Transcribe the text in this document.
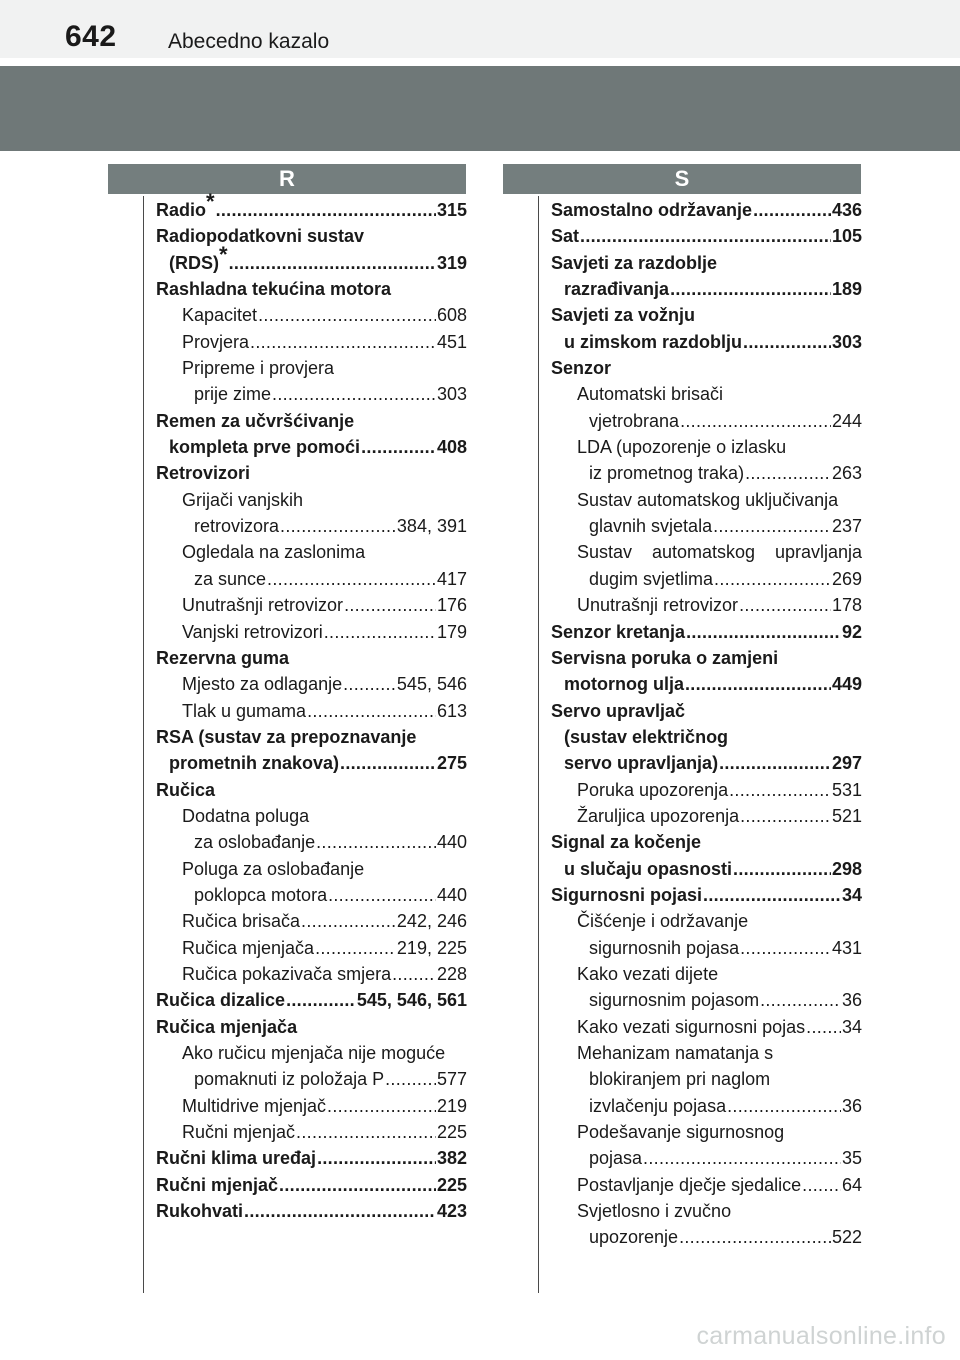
642 Abecedno kazalo
R	S
Radio* .....	315
Radiopodatkovni sustav
(RDS)* .....	319
Rashladna tekućina motora
Kapacitet .....	608
Provjera .....	451
Pripreme i provjera
prije zime .....	303
Remen za učvršćivanje
kompleta prve pomoći .....	408
Retrovizori
Grijači vanjskih
retrovizora .....	384, 391
Ogledala na zaslonima
za sunce .....	417
Unutrašnji retrovizor .....	176
Vanjski retrovizori .....	179
Rezervna guma
Mjesto za odlaganje .....	545, 546
Tlak u gumama .....	613
RSA (sustav za prepoznavanje
prometnih znakova) .....	275
Ručica
Dodatna poluga
za oslobađanje .....	440
Poluga za oslobađanje
poklopca motora .....	440
Ručica brisača .....	242, 246
Ručica mjenjača .....	219, 225
Ručica pokazivača smjera .....	228
Ručica dizalice .....	545, 546, 561
Ručica mjenjača
Ako ručicu mjenjača nije moguće
pomaknuti iz položaja P .....	577
Multidrive mjenjač .....	219
Ručni mjenjač .....	225
Ručni klima uređaj .....	382
Ručni mjenjač .....	225
Rukohvati .....	423
Samostalno održavanje .....	436
Sat .....	105
Savjeti za razdoblje
razrađivanja .....	189
Savjeti za vožnju
u zimskom razdoblju .....	303
Senzor
Automatski brisači
vjetrobrana .....	244
LDA (upozorenje o izlasku
iz prometnog traka) .....	263
Sustav automatskog uključivanja
glavnih svjetala .....	237
Sustav automatskog upravljanja
dugim svjetlima .....	269
Unutrašnji retrovizor .....	178
Senzor kretanja .....	92
Servisna poruka o zamjeni
motornog ulja .....	449
Servo upravljač
(sustav električnog
servo upravljanja) .....	297
Poruka upozorenja .....	531
Žaruljica upozorenja .....	521
Signal za kočenje
u slučaju opasnosti .....	298
Sigurnosni pojasi .....	34
Čišćenje i održavanje
sigurnosnih pojasa .....	431
Kako vezati dijete
sigurnosnim pojasom .....	36
Kako vezati sigurnosni pojas ..... 34
Mehanizam namatanja s
blokiranjem pri naglom
izvlačenju pojasa .....	36
Podešavanje sigurnosnog
pojasa .....	35
Postavljanje dječje sjedalice ..... 64
Svjetlosno i zvučno
upozorenje .....	522
carmanualsonline.info
